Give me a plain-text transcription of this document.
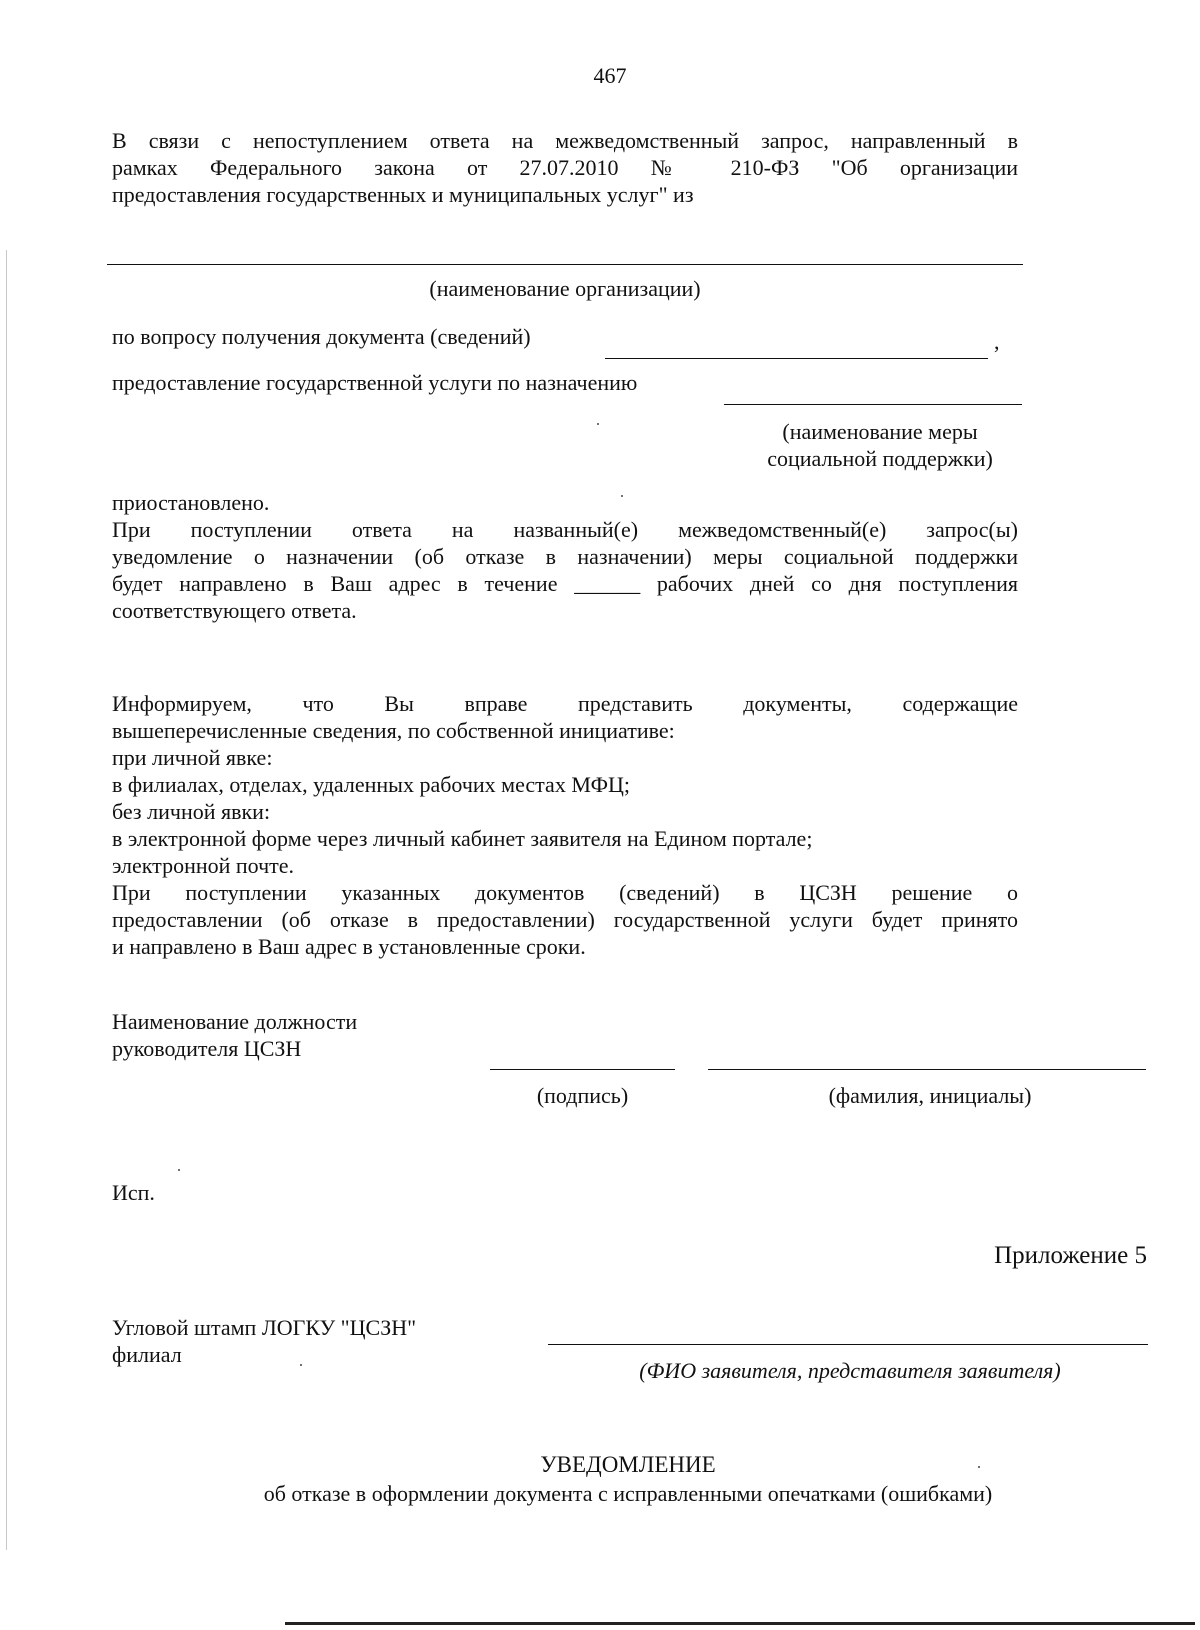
467

В связи с непоступлением ответа на межведомственный запрос, направленный в
рамках Федерального закона от 27.07.2010 № 210-ФЗ "Об организации
предоставления государственных и муниципальных услуг" из

(наименование организации)

по вопросу получения документа (сведений)	,

предоставление государственной услуги по назначению

(наименование меры
социальной поддержки)
приостановлено.
При поступлении ответа на названный(е) межведомственный(е) запрос(ы)
уведомление о назначении (об отказе в назначении) меры социальной поддержки
будет направлено в Ваш адрес в течение ______ рабочих дней со дня поступления
соответствующего ответа.
Информируем, что Вы вправе представить документы, содержащие
вышеперечисленные сведения, по собственной инициативе:
при личной явке:
в филиалах, отделах, удаленных рабочих местах МФЦ;
без личной явки:
в электронной форме через личный кабинет заявителя на Едином портале;
электронной почте.
При поступлении указанных документов (сведений) в ЦСЗН решение о
предоставлении (об отказе в предоставлении) государственной услуги будет принято
и направлено в Ваш адрес в установленные сроки.
Наименование должности
руководителя ЦСЗН

(подпись)	(фамилия, инициалы)

Исп.

Приложение 5

Угловой штамп ЛОГКУ "ЦСЗН"
филиал

(ФИО заявителя, представителя заявителя)

УВЕДОМЛЕНИЕ

об отказе в оформлении документа с исправленными опечатками (ошибками)
